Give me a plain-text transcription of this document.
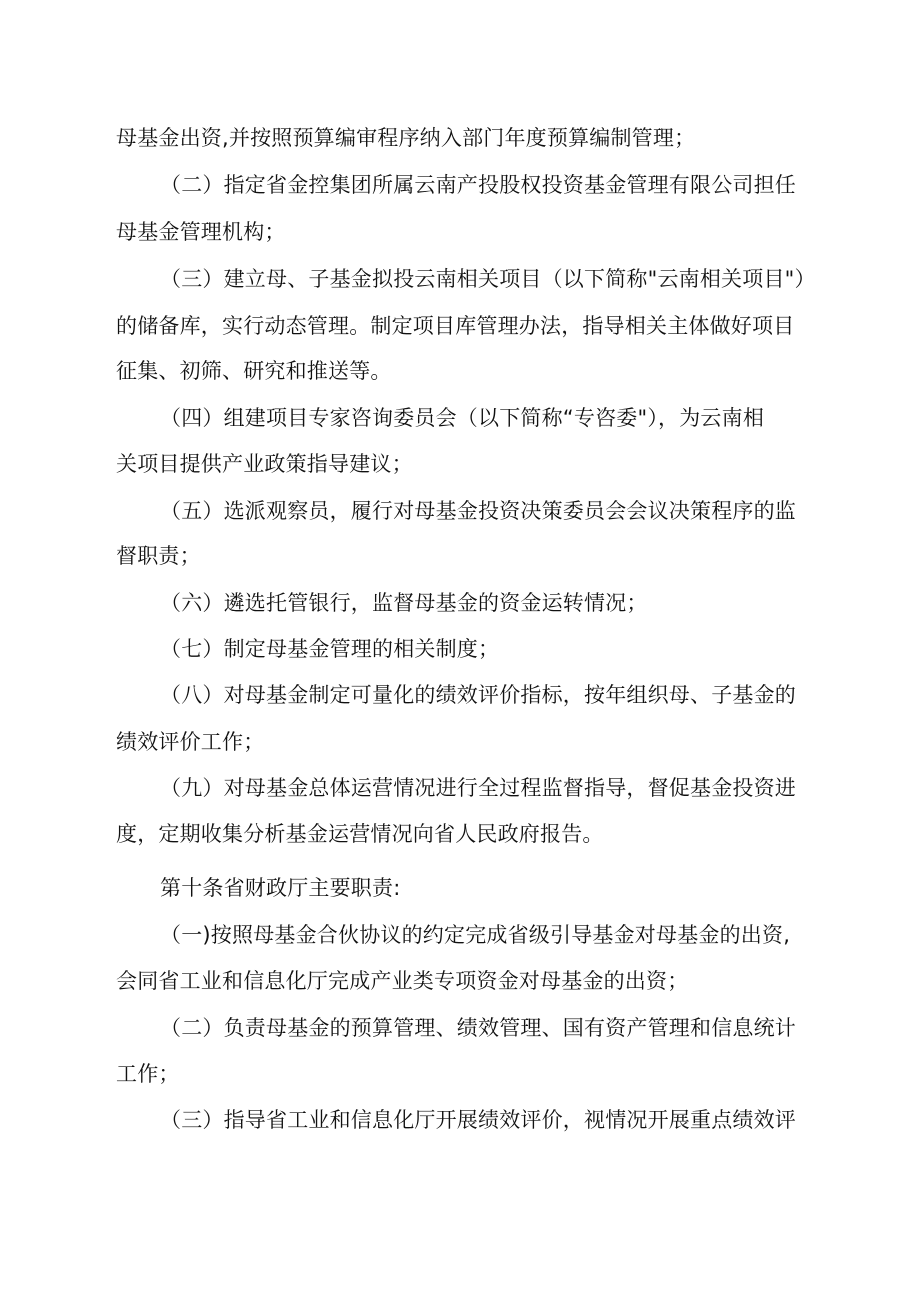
母基金出资,并按照预算编审程序纳入部门年度预算编制管理；
（二）指定省金控集团所属云南产投股权投资基金管理有限公司担任
母基金管理机构；
（三）建立母、子基金拟投云南相关项目（以下简称"云南相关项目"）
的储备库，实行动态管理。制定项目库管理办法，指导相关主体做好项目
征集、初筛、研究和推送等。
（四）组建项目专家咨询委员会（以下简称“专咨委"），为云南相
关项目提供产业政策指导建议；
（五）选派观察员，履行对母基金投资决策委员会会议决策程序的监
督职责；
（六）遴选托管银行，监督母基金的资金运转情况；
（七）制定母基金管理的相关制度；
（八）对母基金制定可量化的绩效评价指标，按年组织母、子基金的
绩效评价工作；
（九）对母基金总体运营情况进行全过程监督指导，督促基金投资进
度，定期收集分析基金运营情况向省人民政府报告。
第十条省财政厅主要职责:
（一)按照母基金合伙协议的约定完成省级引导基金对母基金的出资,
会同省工业和信息化厅完成产业类专项资金对母基金的出资；
（二）负责母基金的预算管理、绩效管理、国有资产管理和信息统计
工作；
（三）指导省工业和信息化厅开展绩效评价，视情况开展重点绩效评
